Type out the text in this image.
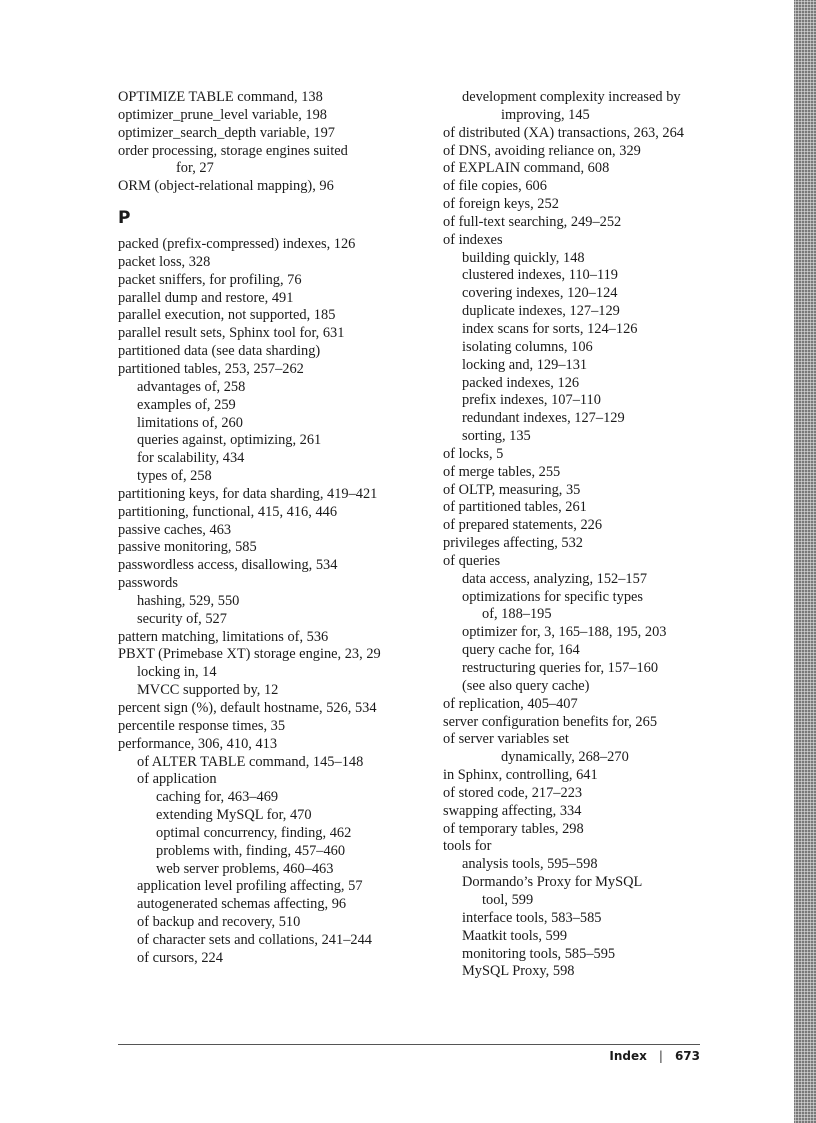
OPTIMIZE TABLE command, 138
optimizer_prune_level variable, 198
optimizer_search_depth variable, 197
order processing, storage engines suited
for, 27
ORM (object-relational mapping), 96
P
packed (prefix-compressed) indexes, 126
packet loss, 328
packet sniffers, for profiling, 76
parallel dump and restore, 491
parallel execution, not supported, 185
parallel result sets, Sphinx tool for, 631
partitioned data (see data sharding)
partitioned tables, 253, 257–262
advantages of, 258
examples of, 259
limitations of, 260
queries against, optimizing, 261
for scalability, 434
types of, 258
partitioning keys, for data sharding, 419–421
partitioning, functional, 415, 416, 446
passive caches, 463
passive monitoring, 585
passwordless access, disallowing, 534
passwords
hashing, 529, 550
security of, 527
pattern matching, limitations of, 536
PBXT (Primebase XT) storage engine, 23, 29
locking in, 14
MVCC supported by, 12
percent sign (%), default hostname, 526, 534
percentile response times, 35
performance, 306, 410, 413
of ALTER TABLE command, 145–148
of application
caching for, 463–469
extending MySQL for, 470
optimal concurrency, finding, 462
problems with, finding, 457–460
web server problems, 460–463
application level profiling affecting, 57
autogenerated schemas affecting, 96
of backup and recovery, 510
of character sets and collations, 241–244
of cursors, 224
development complexity increased by
improving, 145
of distributed (XA) transactions, 263, 264
of DNS, avoiding reliance on, 329
of EXPLAIN command, 608
of file copies, 606
of foreign keys, 252
of full-text searching, 249–252
of indexes
building quickly, 148
clustered indexes, 110–119
covering indexes, 120–124
duplicate indexes, 127–129
index scans for sorts, 124–126
isolating columns, 106
locking and, 129–131
packed indexes, 126
prefix indexes, 107–110
redundant indexes, 127–129
sorting, 135
of locks, 5
of merge tables, 255
of OLTP, measuring, 35
of partitioned tables, 261
of prepared statements, 226
privileges affecting, 532
of queries
data access, analyzing, 152–157
optimizations for specific types
of, 188–195
optimizer for, 3, 165–188, 195, 203
query cache for, 164
restructuring queries for, 157–160
(see also query cache)
of replication, 405–407
server configuration benefits for, 265
of server variables set
dynamically, 268–270
in Sphinx, controlling, 641
of stored code, 217–223
swapping affecting, 334
of temporary tables, 298
tools for
analysis tools, 595–598
Dormando’s Proxy for MySQL
tool, 599
interface tools, 583–585
Maatkit tools, 599
monitoring tools, 585–595
MySQL Proxy, 598
Index | 673
